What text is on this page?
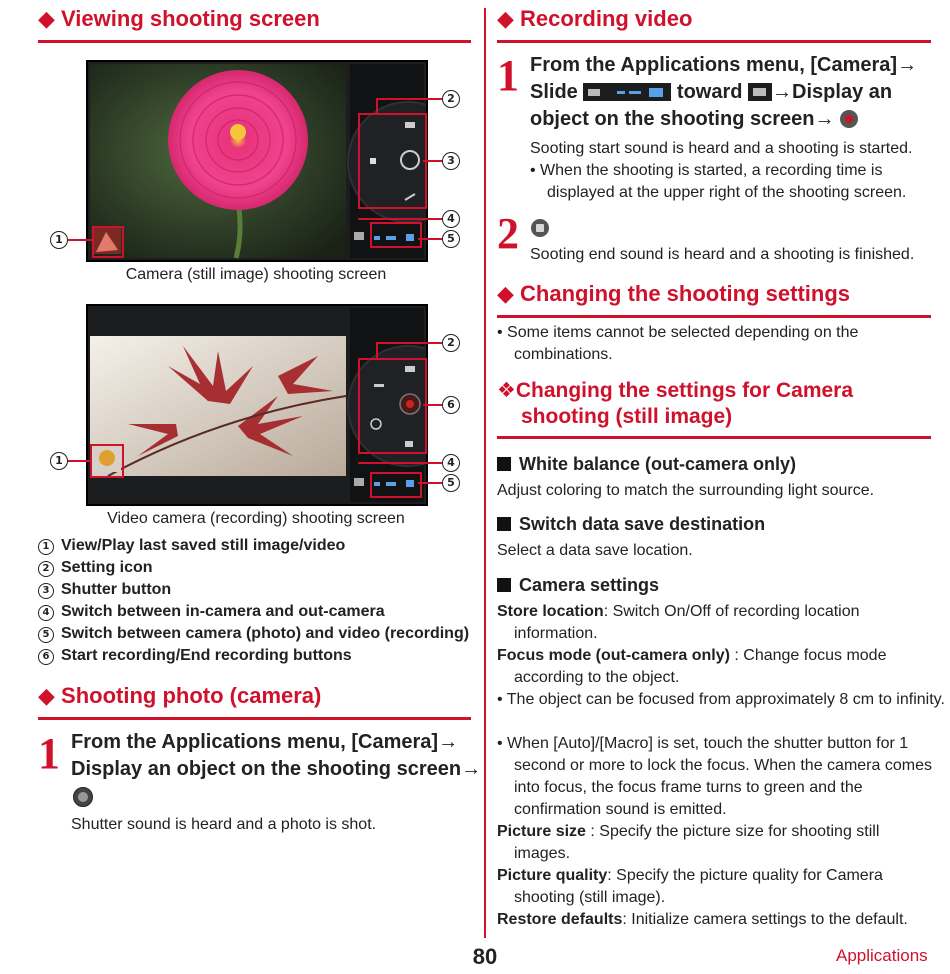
◆ Viewing shooting screen
2
3
4
5
1
Camera (still image) shooting screen
2
6
4
5
1
Video camera (recording) shooting screen
1 View/Play last saved still image/video
2 Setting icon
3 Shutter button
4 Switch between in-camera and out-camera
5 Switch between camera (photo) and video (recording)
6 Start recording/End recording buttons
◆ Shooting photo (camera)
1 From the Applications menu, [Camera]→
Display an object on the shooting screen→
Shutter sound is heard and a photo is shot.
◆ Recording video
1 From the Applications menu, [Camera]→
Slide	toward →Display an
object on the shooting screen→
Sooting start sound is heard and a shooting is started.
• When the shooting is started, a recording time is displayed at the upper right of the shooting screen.
2 Sooting end sound is heard and a shooting is finished.
◆ Changing the shooting settings
• Some items cannot be selected depending on the combinations.
❖Changing the settings for Camera
shooting (still image)
White balance (out-camera only)
Adjust coloring to match the surrounding light source.
Switch data save destination
Select a data save location.
Camera settings
Store location: Switch On/Off of recording location information.
Focus mode (out-camera only) : Change focus mode according to the object.
• The object can be focused from approximately 8 cm to infinity.
• When [Auto]/[Macro] is set, touch the shutter button for 1 second or more to lock the focus. When the camera comes into focus, the focus frame turns to green and the confirmation sound is emitted.
Picture size : Specify the picture size for shooting still images.
Picture quality: Specify the picture quality for Camera shooting (still image).
Restore defaults: Initialize camera settings to the default.
80	Applications
